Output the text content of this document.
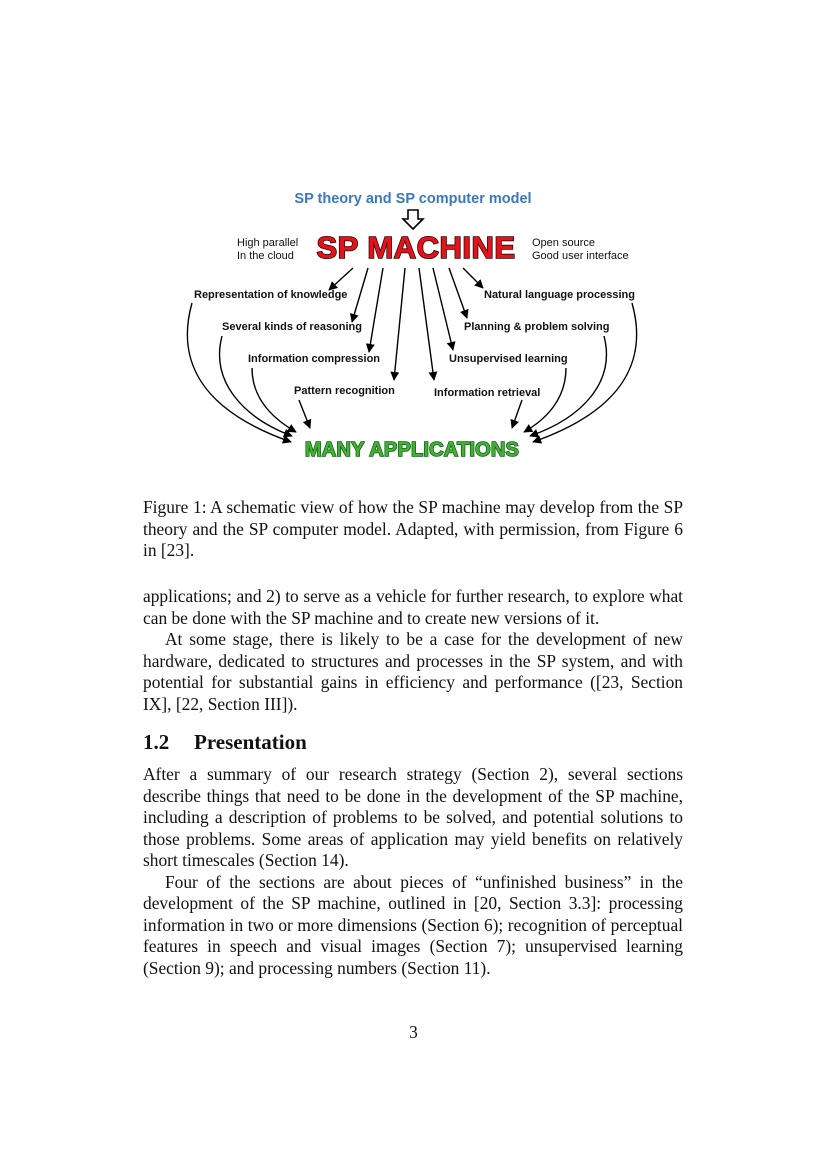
SP theory and SP computer model
SP MACHINE
High parallel
In the cloud
Open source
Good user interface
Representation of knowledge
Several kinds of reasoning
Information compression
Pattern recognition
Natural language processing
Planning & problem solving
Unsupervised learning
Information retrieval
MANY APPLICATIONS
Figure 1: A schematic view of how the SP machine may develop from the SP theory and the SP computer model. Adapted, with permission, from Figure 6 in [23].

applications; and 2) to serve as a vehicle for further research, to explore what can be done with the SP machine and to create new versions of it.

At some stage, there is likely to be a case for the development of new hardware, dedicated to structures and processes in the SP system, and with potential for substantial gains in efficiency and performance ([23, Section IX], [22, Section III]).

1.2 Presentation

After a summary of our research strategy (Section 2), several sections describe things that need to be done in the development of the SP machine, including a description of problems to be solved, and potential solutions to those problems. Some areas of application may yield benefits on relatively short timescales (Section 14).

Four of the sections are about pieces of “unfinished business” in the development of the SP machine, outlined in [20, Section 3.3]: processing information in two or more dimensions (Section 6); recognition of perceptual features in speech and visual images (Section 7); unsupervised learning (Section 9); and processing numbers (Section 11).

3
